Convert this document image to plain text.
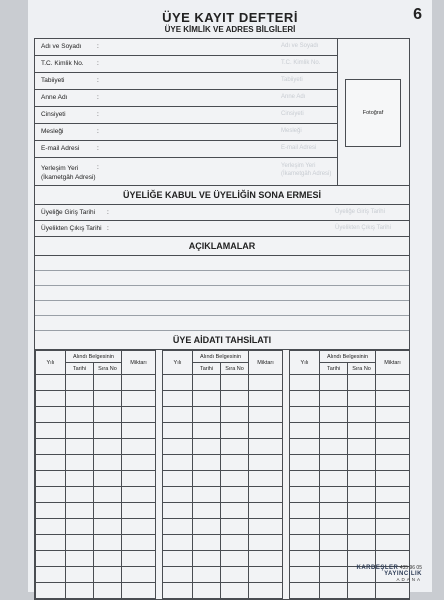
6
ÜYE KAYIT DEFTERİ
ÜYE KİMLİK VE ADRES BİLGİLERİ
Adı ve Soyadı :	Adı ve Soyadı
T.C. Kimlik No. :	T.C. Kimlik No.
Tabiiyeti	:	Tabiiyeti
Anne Adı	:	Anne Adı
Cinsiyeti	:	Cinsiyeti
Mesleği	:	Mesleği
E-mail Adresi	:	E-mail Adresi
Yerleşim Yeri
(İkametgâh Adresi)
:	Yerleşim Yeri
(İkametgâh Adresi)
Fotoğraf
ÜYELİĞE KABUL VE ÜYELİĞİN SONA ERMESİ
Üyeliğe Giriş Tarihi :	Üyeliğe Giriş Tarihi
Üyelikten Çıkış Tarihi :	Üyelikten Çıkış Tarihi
AÇIKLAMALAR
ÜYE AİDATI TAHSİLATI
Yılı	Alındı Belgesinin		Miktarı		Yılı	Alındı Belgesinin		Miktarı		Yılı	Alındı Belgesinin		Miktarı
	Tarihi	Sıra No				Tarihi	Sıra No				Tarihi	Sıra No	

KARDEŞLER 435 96 05
YAYINCILIK
ADANA
